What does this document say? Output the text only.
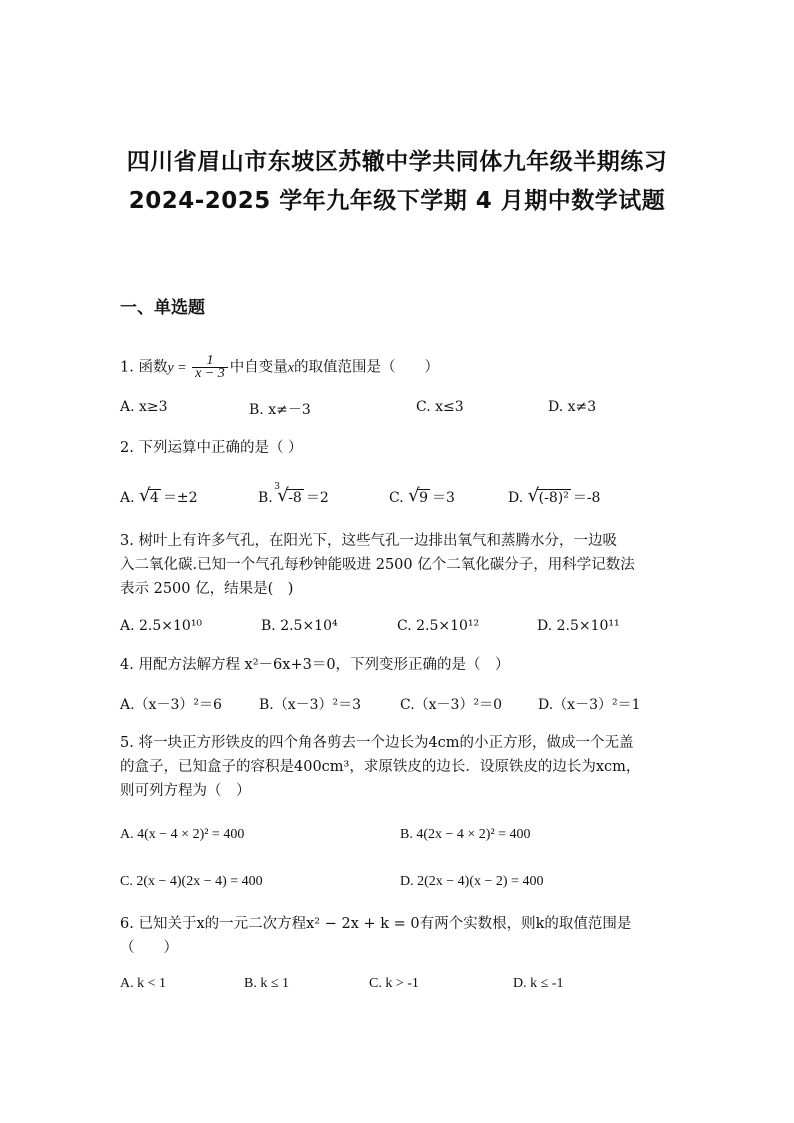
四川省眉山市东坡区苏辙中学共同体九年级半期练习
2024-2025 学年九年级下学期 4 月期中数学试题
一、单选题
1. 函数$y = \frac{1}{x - 3}$ 中自变量x的取值范围是（　　）
A. x≥3	B. x≠－3	C. x≤3	D. x≠3
2. 下列运算中正确的是（ ）
A. √ 4 ＝±2	B.
√ 3
-8 ＝2	C. √ 9 ＝3	D. √ (-8)² ＝-8
3. 树叶上有许多气孔，在阳光下，这些气孔一边排出氧气和蒸腾水分，一边吸
入二氧化碳.已知一个气孔每秒钟能吸进 2500 亿个二氧化碳分子，用科学记数法
表示 2500 亿，结果是(　)
A. 2.5×10¹⁰	B. 2.5×10⁴	C. 2.5×10¹²	D. 2.5×10¹¹
4. 用配方法解方程 x²－6x+3＝0，下列变形正确的是（　）
A.（x－3）²＝6	B.（x－3）²＝3	C.（x－3）²＝0	D.（x－3）²＝1
5. 将一块正方形铁皮的四个角各剪去一个边长为4cm的小正方形，做成一个无盖
的盒子，已知盒子的容积是400cm³，求原铁皮的边长．设原铁皮的边长为xcm，
则可列方程为（　）
A. 4(x − 4 × 2)² = 400	B. 4(2x − 4 × 2)² = 400
C. 2(x − 4)(2x − 4) = 400	D. 2(2x − 4)(x − 2) = 400
6. 已知关于x的一元二次方程x² − 2x + k = 0有两个实数根，则k的取值范围是
（　　）
A. k < 1	B. k ≤ 1	C. k > -1	D. k ≤ -1
